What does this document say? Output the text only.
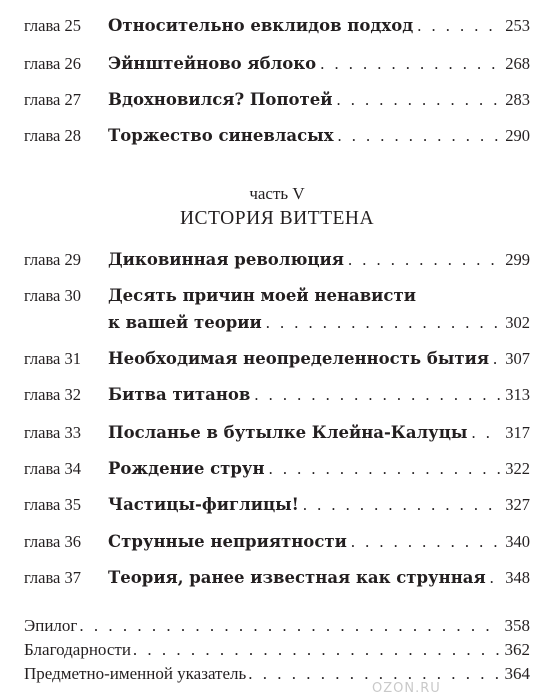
глава 25	Относительно евклидов подход . . .	253
глава 26	Эйнштейново яблоко . . .	268
глава 27	Вдохновился? Попотей . . .	283
глава 28	Торжество синевласых . . .	290
часть V
ИСТОРИЯ ВИТТЕНА
глава 29	Диковинная революция . . .	299
глава 30	Десять причин моей ненависти
к вашей теории . . .	302
глава 31	Необходимая неопределенность бытия . . . 307
глава 32	Битва титанов . . .	313
глава 33	Посланье в бутылке Клейна-Калуцы . . . 317
глава 34	Рождение струн . . .	322
глава 35	Частицы-фиглицы! . . .	327
глава 36	Струнные неприятности . . .	340
глава 37	Теория, ранее известная как струнная . . . 348
Эпилог . . .	358
Благодарности . . .	362
Предметно-именной указатель . . .	364
OZON.RU
